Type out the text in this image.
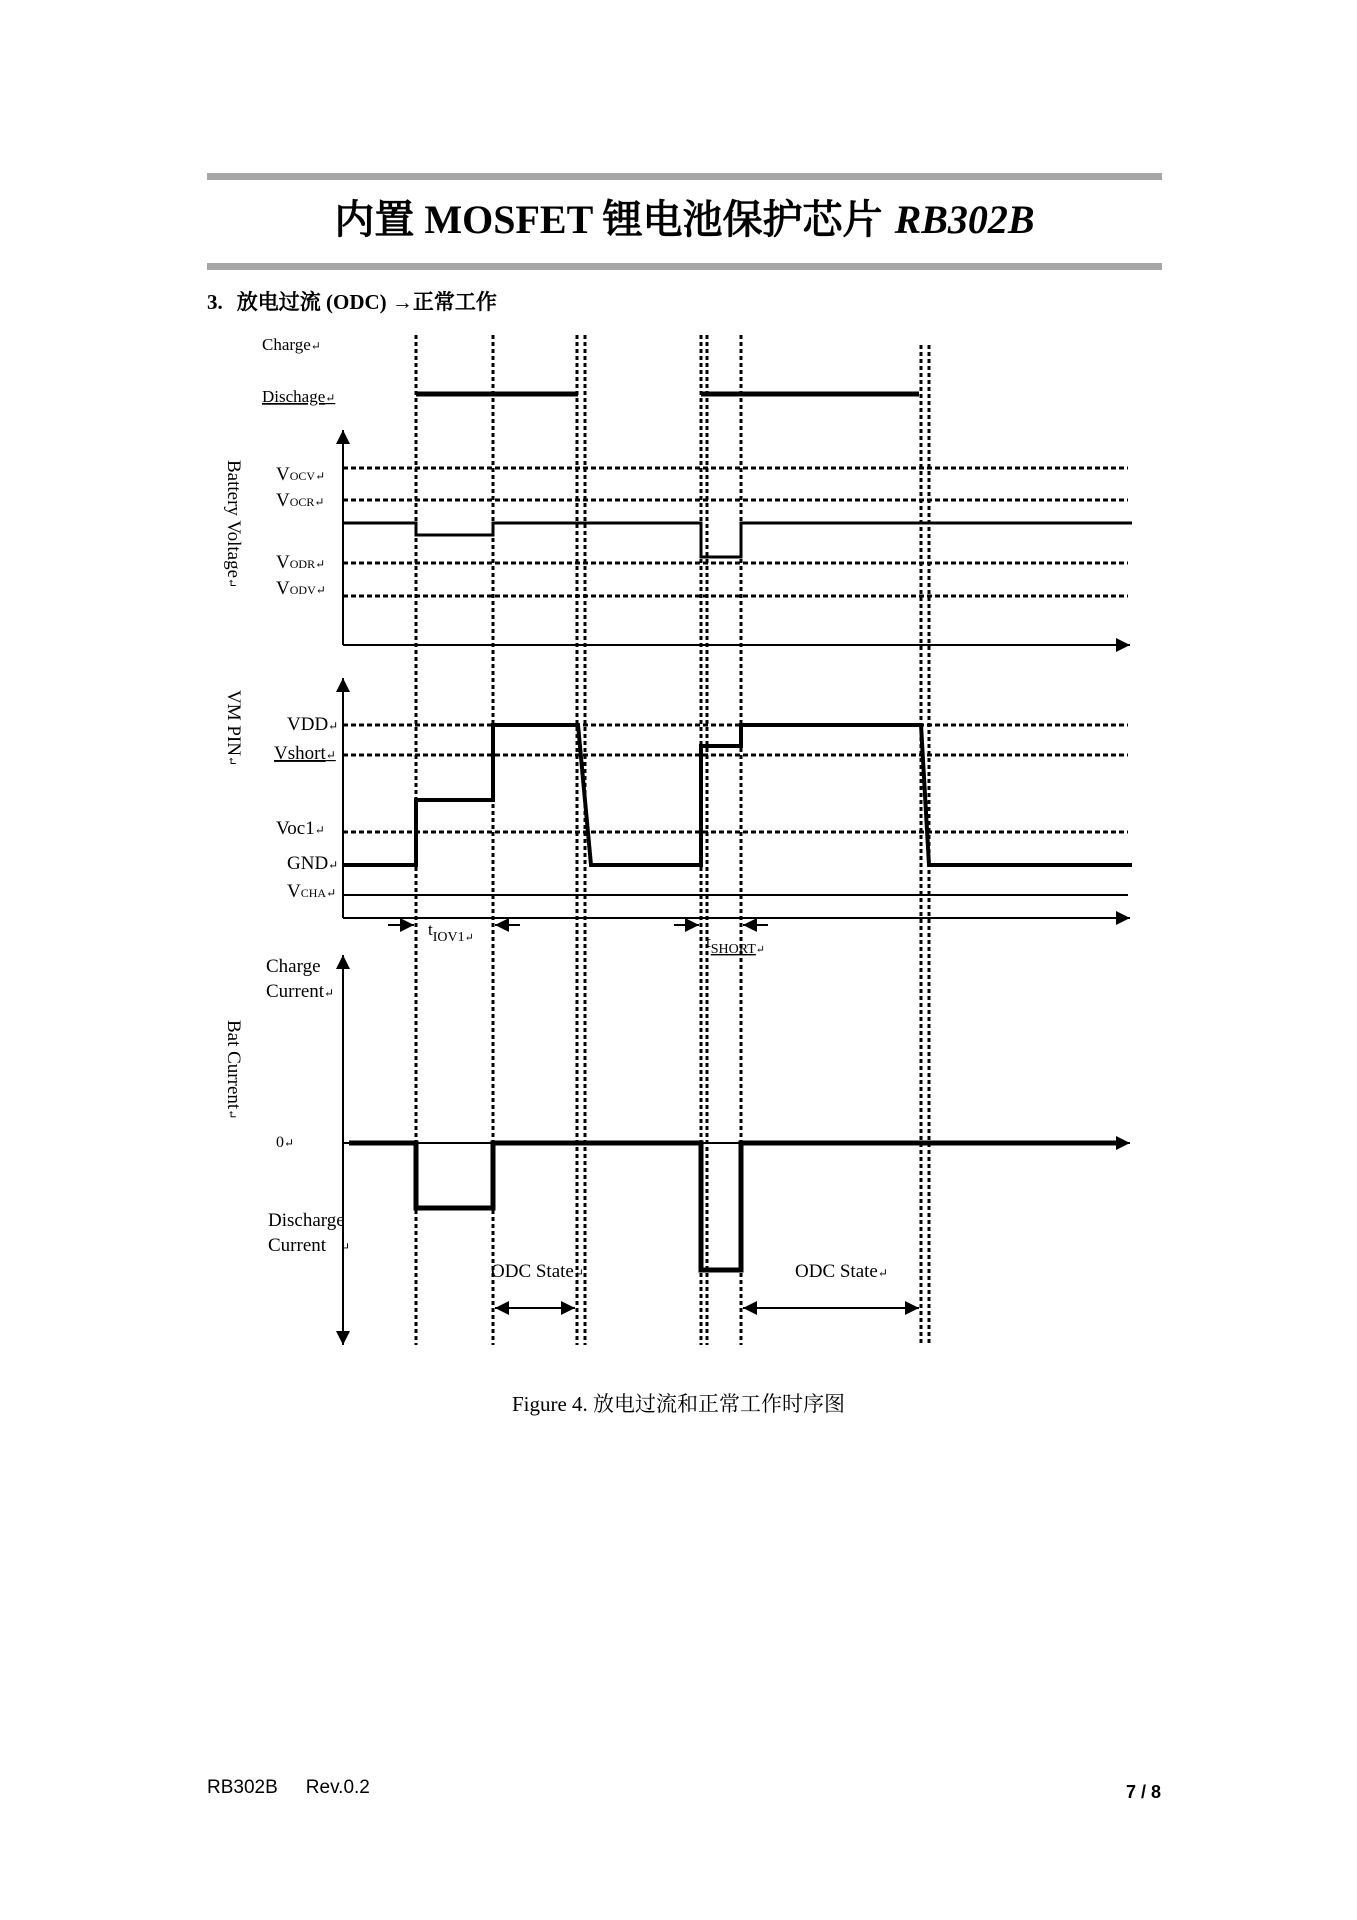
内置 MOSFET 锂电池保护芯片 RB302B
3. 放电过流 (ODC) →正常工作
Charge↵
Dischage↵
Battery Voltage↵
VOCV↵
VOCR↵
VODR↵
VODV↵
VM PIN↵
VDD↵
Vshort↵
Voc1↵
GND↵
VCHA↵
$t_{IOV1}↵$	$t_{SHORT}↵$
Bat Current↵
Charge
Current↵
0↵
Discharge
Current ↵
ODC State↵	ODC State↵
Figure 4. 放电过流和正常工作时序图
RB302B Rev.0.2	7 / 8
